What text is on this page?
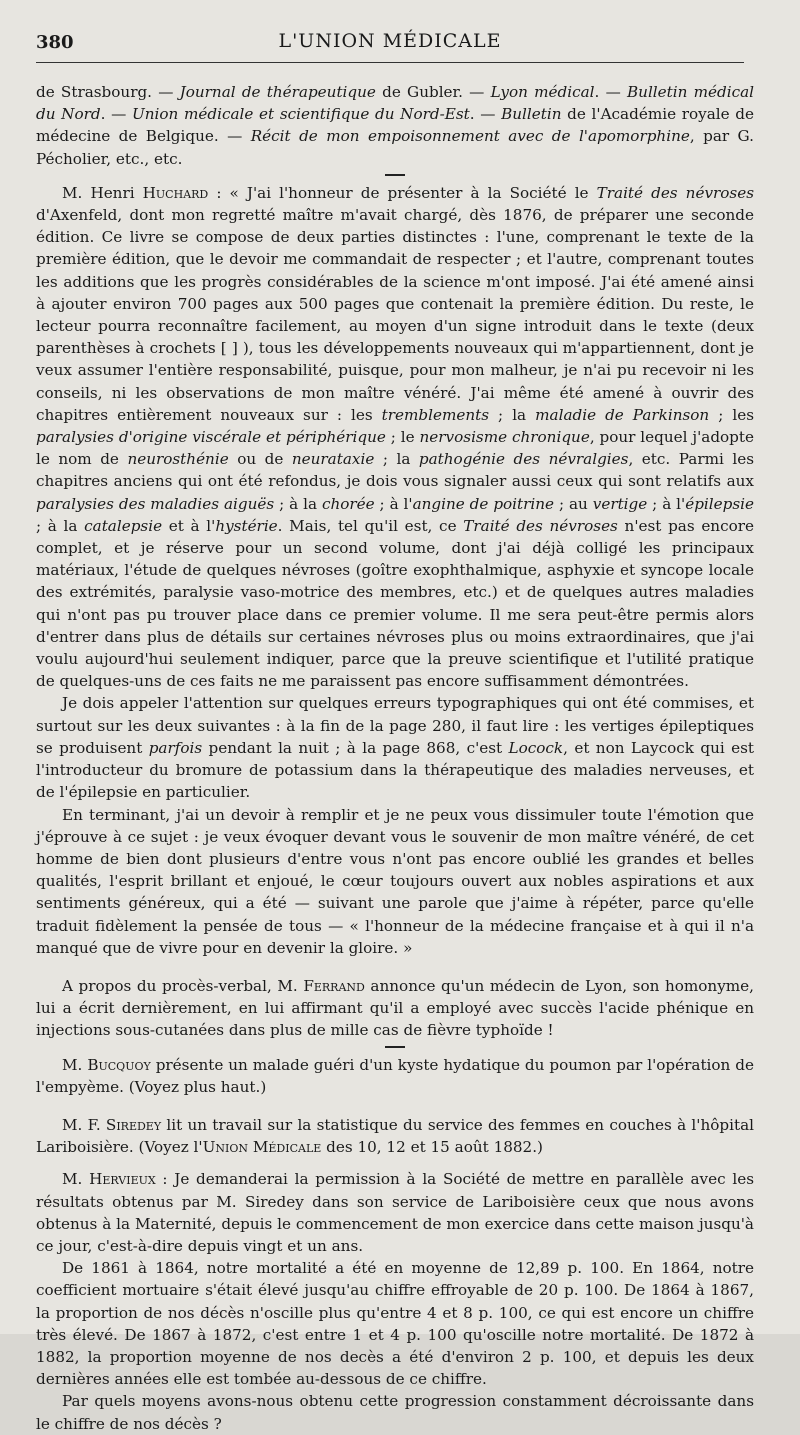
380	L'UNION MÉDICALE

de Strasbourg. — Journal de thérapeutique de Gubler. — Lyon médical. — Bulletin médical du Nord. — Union médicale et scientifique du Nord-Est. — Bulletin de l'Académie royale de médecine de Belgique. — Récit de mon empoisonnement avec de l'apomorphine, par G. Pécholier, etc., etc.

M. Henri Huchard : « J'ai l'honneur de présenter à la Société le Traité des névroses d'Axenfeld, dont mon regretté maître m'avait chargé, dès 1876, de préparer une seconde édition. Ce livre se compose de deux parties distinctes : l'une, comprenant le texte de la première édition, que le devoir me commandait de respecter ; et l'autre, comprenant toutes les additions que les progrès considérables de la science m'ont imposé. J'ai été amené ainsi à ajouter environ 700 pages aux 500 pages que contenait la première édition. Du reste, le lecteur pourra reconnaître facilement, au moyen d'un signe introduit dans le texte (deux parenthèses à crochets [ ] ), tous les développements nouveaux qui m'appartiennent, dont je veux assumer l'entière responsabilité, puisque, pour mon malheur, je n'ai pu recevoir ni les conseils, ni les observations de mon maître vénéré. J'ai même été amené à ouvrir des chapitres entièrement nouveaux sur : les tremblements ; la maladie de Parkinson ; les paralysies d'origine viscérale et périphérique ; le nervosisme chronique, pour lequel j'adopte le nom de neurosthénie ou de neurataxie ; la pathogénie des névralgies, etc. Parmi les chapitres anciens qui ont été refondus, je dois vous signaler aussi ceux qui sont relatifs aux paralysies des maladies aiguës ; à la chorée ; à l'angine de poitrine ; au vertige ; à l'épilepsie ; à la catalepsie et à l'hystérie. Mais, tel qu'il est, ce Traité des névroses n'est pas encore complet, et je réserve pour un second volume, dont j'ai déjà colligé les principaux matériaux, l'étude de quelques névroses (goître exophthalmique, asphyxie et syncope locale des extrémités, paralysie vaso-motrice des membres, etc.) et de quelques autres maladies qui n'ont pas pu trouver place dans ce premier volume. Il me sera peut-être permis alors d'entrer dans plus de détails sur certaines névroses plus ou moins extraordinaires, que j'ai voulu aujourd'hui seulement indiquer, parce que la preuve scientifique et l'utilité pratique de quelques-uns de ces faits ne me paraissent pas encore suffisamment démontrées.

Je dois appeler l'attention sur quelques erreurs typographiques qui ont été commises, et surtout sur les deux suivantes : à la fin de la page 280, il faut lire : les vertiges épileptiques se produisent parfois pendant la nuit ; à la page 868, c'est Locock, et non Laycock qui est l'introducteur du bromure de potassium dans la thérapeutique des maladies nerveuses, et de l'épilepsie en particulier.

En terminant, j'ai un devoir à remplir et je ne peux vous dissimuler toute l'émotion que j'éprouve à ce sujet : je veux évoquer devant vous le souvenir de mon maître vénéré, de cet homme de bien dont plusieurs d'entre vous n'ont pas encore oublié les grandes et belles qualités, l'esprit brillant et enjoué, le cœur toujours ouvert aux nobles aspirations et aux sentiments généreux, qui a été — suivant une parole que j'aime à répéter, parce qu'elle traduit fidèlement la pensée de tous — « l'honneur de la médecine française et à qui il n'a manqué que de vivre pour en devenir la gloire. »

A propos du procès-verbal, M. Ferrand annonce qu'un médecin de Lyon, son homonyme, lui a écrit dernièrement, en lui affirmant qu'il a employé avec succès l'acide phénique en injections sous-cutanées dans plus de mille cas de fièvre typhoïde !

M. Bucquoy présente un malade guéri d'un kyste hydatique du poumon par l'opération de l'empyème. (Voyez plus haut.)

M. F. Siredey lit un travail sur la statistique du service des femmes en couches à l'hôpital Lariboisière. (Voyez l'Union Médicale des 10, 12 et 15 août 1882.)

M. Hervieux : Je demanderai la permission à la Société de mettre en parallèle avec les résultats obtenus par M. Siredey dans son service de Lariboisière ceux que nous avons obtenus à la Maternité, depuis le commencement de mon exercice dans cette maison jusqu'à ce jour, c'est-à-dire depuis vingt et un ans.

De 1861 à 1864, notre mortalité a été en moyenne de 12,89 p. 100. En 1864, notre coefficient mortuaire s'était élevé jusqu'au chiffre effroyable de 20 p. 100. De 1864 à 1867, la proportion de nos décès n'oscille plus qu'entre 4 et 8 p. 100, ce qui est encore un chiffre très élevé. De 1867 à 1872, c'est entre 1 et 4 p. 100 qu'oscille notre mortalité. De 1872 à 1882, la proportion moyenne de nos decès a été d'environ 2 p. 100, et depuis les deux dernières années elle est tombée au-dessous de ce chiffre.

Par quels moyens avons-nous obtenu cette progression constamment décroissante dans le chiffre de nos décès ?
